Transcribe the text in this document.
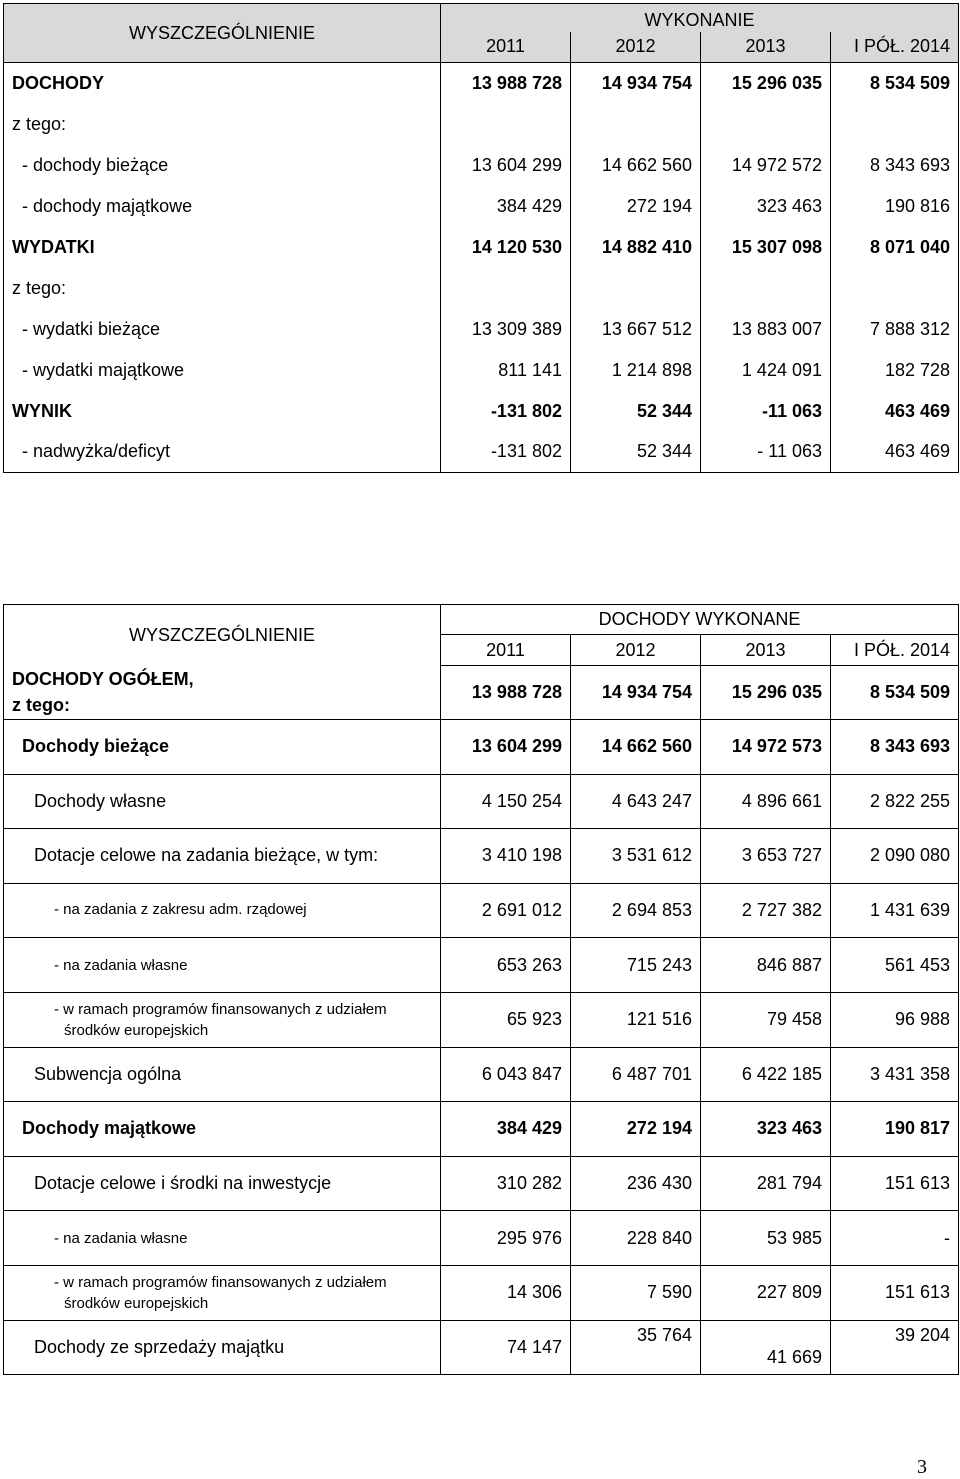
WYSZCZEGÓLNIENIE	WYKONANIE			
	2011	2012	2013	I PÓŁ. 2014
DOCHODY	13 988 728	14 934 754	15 296 035	8 534 509
z tego:				
- dochody bieżące	13 604 299	14 662 560	14 972 572	8 343 693
- dochody majątkowe	384 429	272 194	323 463	190 816
WYDATKI	14 120 530	14 882 410	15 307 098	8 071 040
z tego:				
- wydatki bieżące	13 309 389	13 667 512	13 883 007	7 888 312
- wydatki majątkowe	811 141	1 214 898	1 424 091	182 728
WYNIK	-131 802	52 344	-11 063	463 469
- nadwyżka/deficyt	-131 802	52 344	- 11 063	463 469
WYSZCZEGÓLNIENIE	DOCHODY WYKONANE			
	2011	2012	2013	I PÓŁ. 2014

DOCHODY OGÓŁEM,
z tego:	13 988 728	14 934 754	15 296 035	8 534 509
Dochody bieżące	13 604 299	14 662 560	14 972 573	8 343 693
Dochody własne	4 150 254	4 643 247	4 896 661	2 822 255
Dotacje celowe na zadania bieżące, w tym:	3 410 198	3 531 612	3 653 727	2 090 080
- na zadania z zakresu adm. rządowej	2 691 012	2 694 853	2 727 382	1 431 639
- na zadania własne	653 263	715 243	846 887	561 453

- w ramach programów finansowanych z udziałem
środków europejskich	65 923	121 516	79 458	96 988
Subwencja ogólna	6 043 847	6 487 701	6 422 185	3 431 358
Dochody majątkowe	384 429	272 194	323 463	190 817
Dotacje celowe i środki na inwestycje	310 282	236 430	281 794	151 613
- na zadania własne	295 976	228 840	53 985	-

- w ramach programów finansowanych z udziałem
środków europejskich	14 306	7 590	227 809	151 613
Dochody ze sprzedaży majątku	74 147	35 764	41 669	39 204
3
